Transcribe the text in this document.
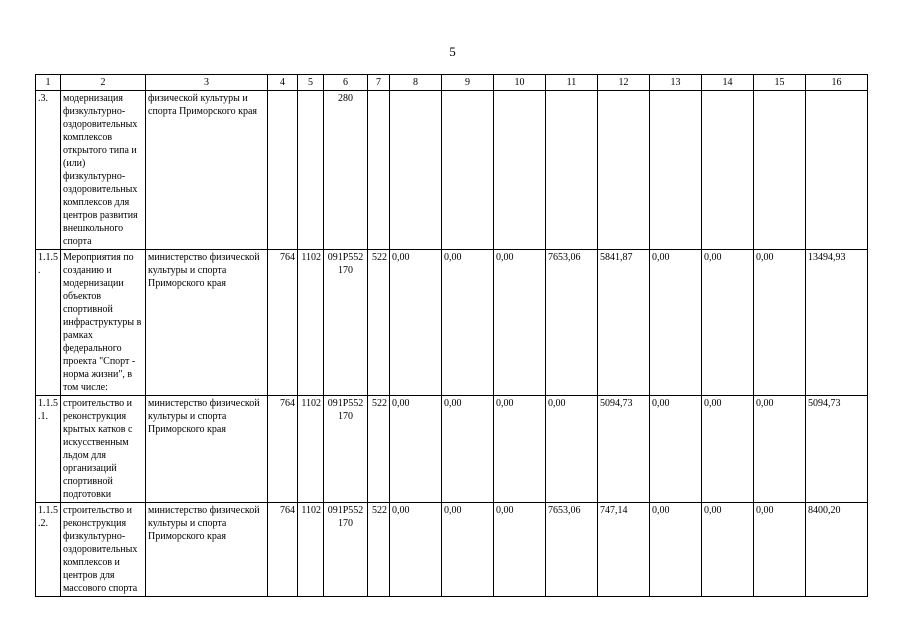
5
1	2	3	4	5	6	7	8	9	10	11	12	13	14	15	16
​.3.	модернизация физкультурно-оздоровительных комплексов открытого типа и (или) физкультурно-оздоровительных комплексов для центров развития внешкольного спорта	физической культуры и спорта Приморского края			280										
1.1.5.	Мероприятия по созданию и модернизации объектов спортивной инфраструктуры в рамках федерального проекта "Спорт - норма жизни", в том числе:	министерство физической культуры и спорта Приморского края	764	1102	091P552170	522	0,00	0,00	0,00	7653,06	5841,87	0,00	0,00	0,00	13494,93
1.1.5.1.	строительство и реконструкция крытых катков с искусственным льдом для организаций спортивной подготовки	министерство физической культуры и спорта Приморского края	764	1102	091P552170	522	0,00	0,00	0,00	0,00	5094,73	0,00	0,00	0,00	5094,73
1.1.5.2.	строительство и реконструкция физкультурно-оздоровительных комплексов и центров для массового спорта	министерство физической культуры и спорта Приморского края	764	1102	091P552170	522	0,00	0,00	0,00	7653,06	747,14	0,00	0,00	0,00	8400,20
